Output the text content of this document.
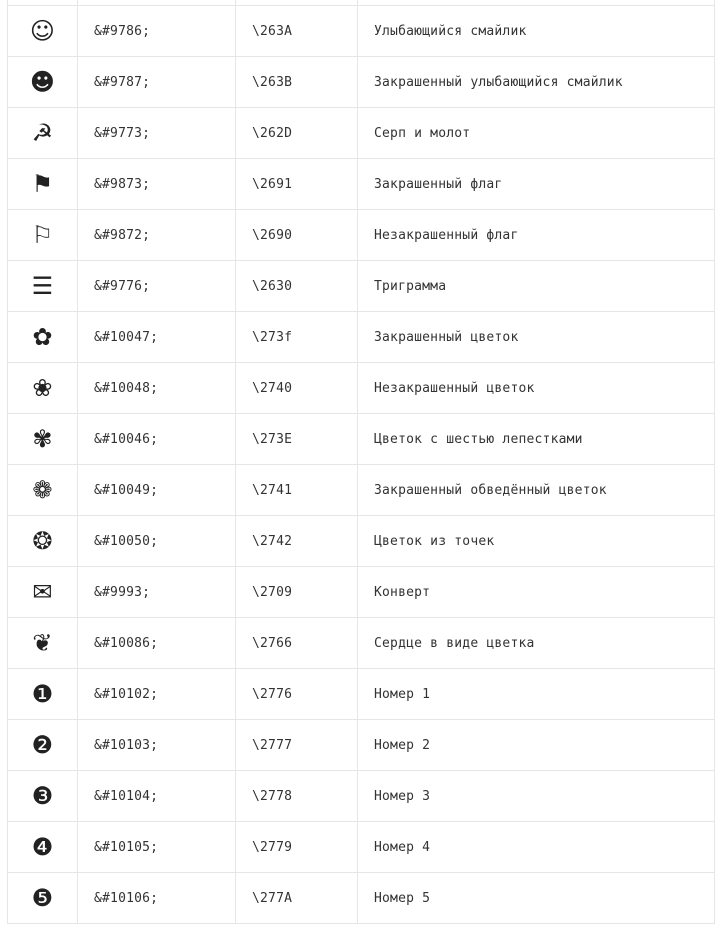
☺	&#9786;	\263A	Улыбающийся смайлик
☻	&#9787;	\263B	Закрашенный улыбающийся смайлик
☭	&#9773;	\262D	Серп и молот
⚑	&#9873;	\2691	Закрашенный флаг
⚐	&#9872;	\2690	Незакрашенный флаг
☰	&#9776;	\2630	Триграмма
✿	&#10047;	\273f	Закрашенный цветок
❀	&#10048;	\2740	Незакрашенный цветок
✾	&#10046;	\273E	Цветок с шестью лепестками
❁	&#10049;	\2741	Закрашенный обведённый цветок
❂	&#10050;	\2742	Цветок из точек
✉	&#9993;	\2709	Конверт
❦	&#10086;	\2766	Сердце в виде цветка
❶	&#10102;	\2776	Номер 1
❷	&#10103;	\2777	Номер 2
❸	&#10104;	\2778	Номер 3
❹	&#10105;	\2779	Номер 4
❺	&#10106;	\277A	Номер 5
